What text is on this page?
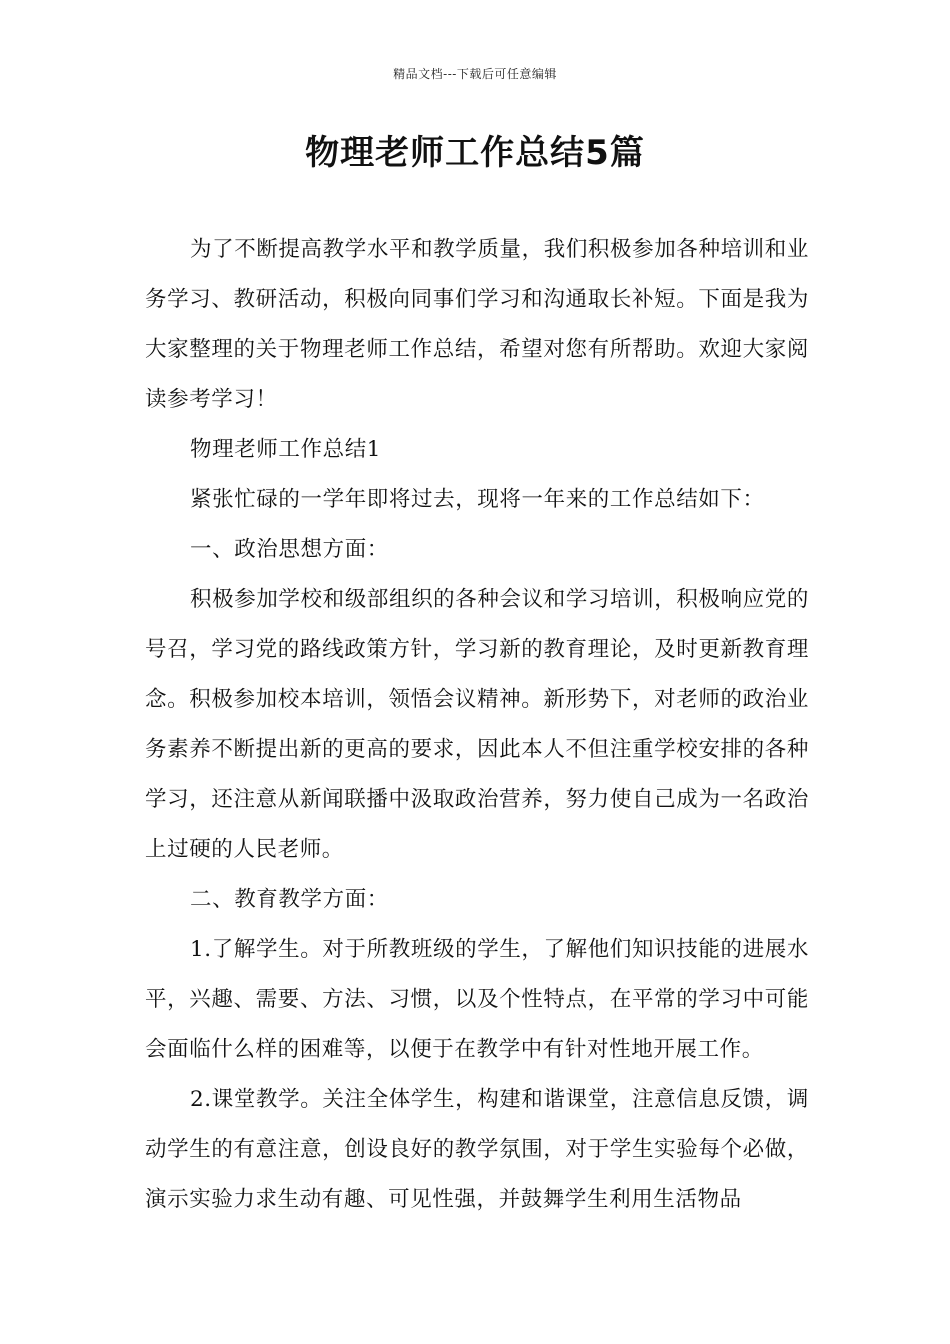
精品文档---下载后可任意编辑
物理老师工作总结5篇

为了不断提高教学水平和教学质量，我们积极参加各种培训和业务学习、教研活动，积极向同事们学习和沟通取长补短。下面是我为大家整理的关于物理老师工作总结，希望对您有所帮助。欢迎大家阅读参考学习！

物理老师工作总结1

紧张忙碌的一学年即将过去，现将一年来的工作总结如下：

一、政治思想方面：

积极参加学校和级部组织的各种会议和学习培训，积极响应党的号召，学习党的路线政策方针，学习新的教育理论，及时更新教育理念。积极参加校本培训，领悟会议精神。新形势下，对老师的政治业务素养不断提出新的更高的要求，因此本人不但注重学校安排的各种学习，还注意从新闻联播中汲取政治营养，努力使自己成为一名政治上过硬的人民老师。

二、教育教学方面：

1.了解学生。对于所教班级的学生，了解他们知识技能的进展水平，兴趣、需要、方法、习惯，以及个性特点，在平常的学习中可能会面临什么样的困难等，以便于在教学中有针对性地开展工作。

2.课堂教学。关注全体学生，构建和谐课堂，注意信息反馈，调动学生的有意注意，创设良好的教学氛围，对于学生实验每个必做，演示实验力求生动有趣、可见性强，并鼓舞学生利用生活物品
